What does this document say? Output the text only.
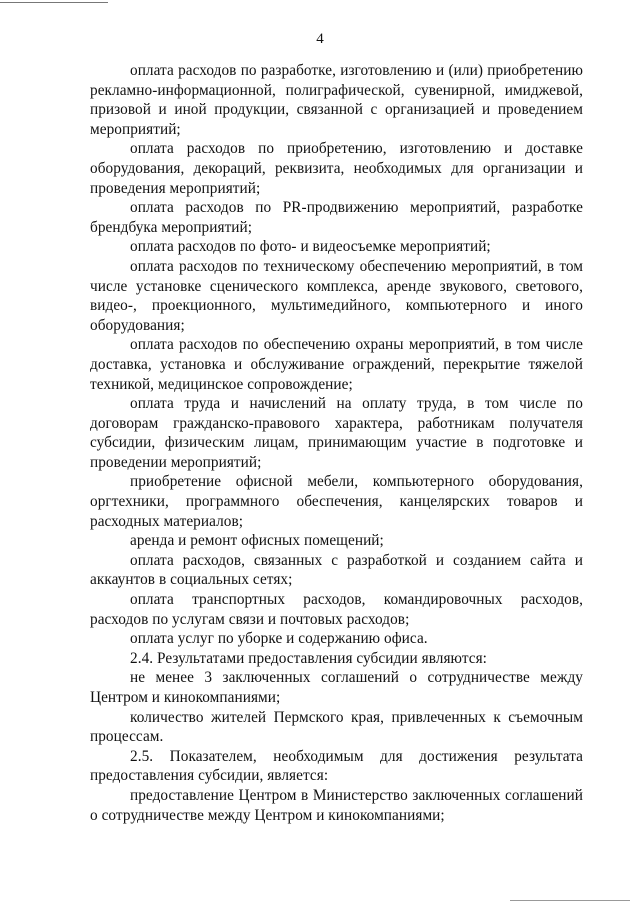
4

оплата расходов по разработке, изготовлению и (или) приобретению рекламно-информационной, полиграфической, сувенирной, имиджевой, призовой и иной продукции, связанной с организацией и проведением мероприятий;

оплата расходов по приобретению, изготовлению и доставке оборудования, декораций, реквизита, необходимых для организации и проведения мероприятий;

оплата расходов по PR-продвижению мероприятий, разработке брендбука мероприятий;

оплата расходов по фото- и видеосъемке мероприятий;

оплата расходов по техническому обеспечению мероприятий, в том числе установке сценического комплекса, аренде звукового, светового, видео-, проекционного, мультимедийного, компьютерного и иного оборудования;

оплата расходов по обеспечению охраны мероприятий, в том числе доставка, установка и обслуживание ограждений, перекрытие тяжелой техникой, медицинское сопровождение;

оплата труда и начислений на оплату труда, в том числе по договорам гражданско-правового характера, работникам получателя субсидии, физическим лицам, принимающим участие в подготовке и проведении мероприятий;

приобретение офисной мебели, компьютерного оборудования, оргтехники, программного обеспечения, канцелярских товаров и расходных материалов;

аренда и ремонт офисных помещений;

оплата расходов, связанных с разработкой и созданием сайта и аккаунтов в социальных сетях;

оплата транспортных расходов, командировочных расходов, расходов по услугам связи и почтовых расходов;

оплата услуг по уборке и содержанию офиса.

2.4. Результатами предоставления субсидии являются:

не менее 3 заключенных соглашений о сотрудничестве между Центром и кинокомпаниями;

количество жителей Пермского края, привлеченных к съемочным процессам.

2.5. Показателем, необходимым для достижения результата предоставления субсидии, является:

предоставление Центром в Министерство заключенных соглашений о сотрудничестве между Центром и кинокомпаниями;
